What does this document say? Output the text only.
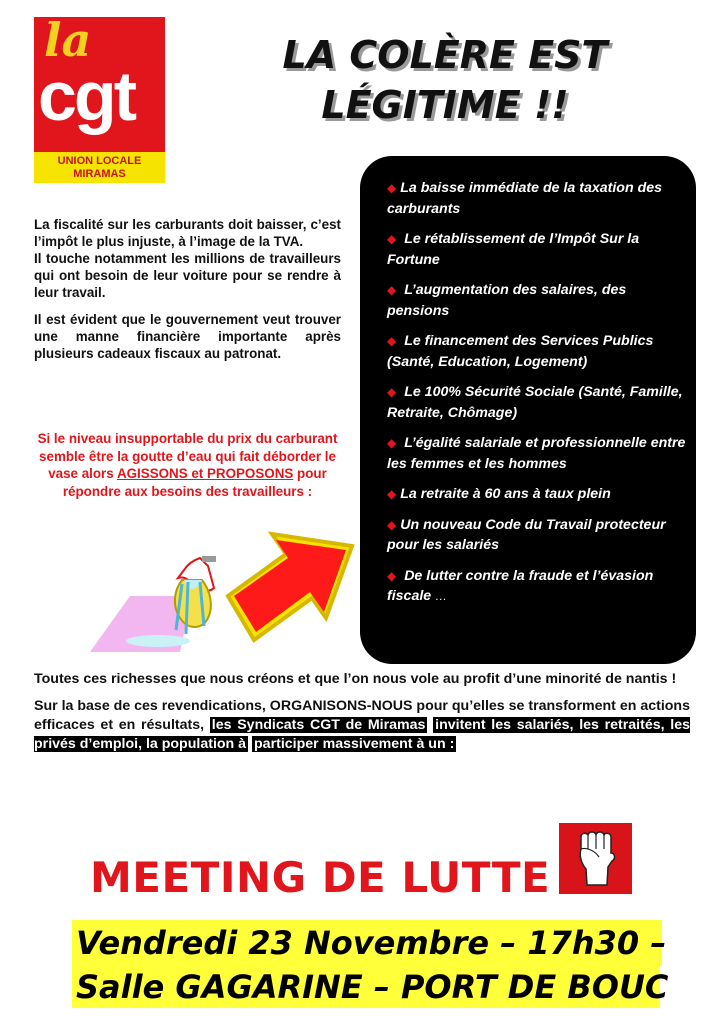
la
cgt
UNION LOCALE
MIRAMAS
LA COLÈRE EST
LÉGITIME !!

La fiscalité sur les carburants doit baisser, c’est l’impôt le plus injuste, à l’image de la TVA.
Il touche notamment les millions de travailleurs qui ont besoin de leur voiture pour se rendre à leur travail.

Il est évident que le gouvernement veut trouver une manne financière importante après plusieurs cadeaux fiscaux au patronat.

Si le niveau insupportable du prix du carburant semble être la goutte d’eau qui fait déborder le vase alors AGISSONS et PROPOSONS pour répondre aux besoins des travailleurs :
◆ La baisse immédiate de la taxation des carburants
◆ Le rétablissement de l’Impôt Sur la Fortune
◆ L’augmentation des salaires, des pensions
◆ Le financement des Services Publics (Santé, Education, Logement)
◆ Le 100% Sécurité Sociale (Santé, Famille, Retraite, Chômage)
◆ L’égalité salariale et professionnelle entre les femmes et les hommes
◆ La retraite à 60 ans à taux plein
◆ Un nouveau Code du Travail protecteur pour les salariés
◆ De lutter contre la fraude et l’évasion fiscale …

Toutes ces richesses que nous créons et que l’on nous vole au profit d’une minorité de nantis !

Sur la base de ces revendications, ORGANISONS-NOUS pour qu’elles se transforment en actions efficaces et en résultats, les Syndicats CGT de Miramas invitent les salariés, les retraités, les privés d’emploi, la population à participer massivement à un :

MEETING DE LUTTE
Vendredi 23 Novembre – 17h30 –
Salle GAGARINE – PORT DE BOUC
